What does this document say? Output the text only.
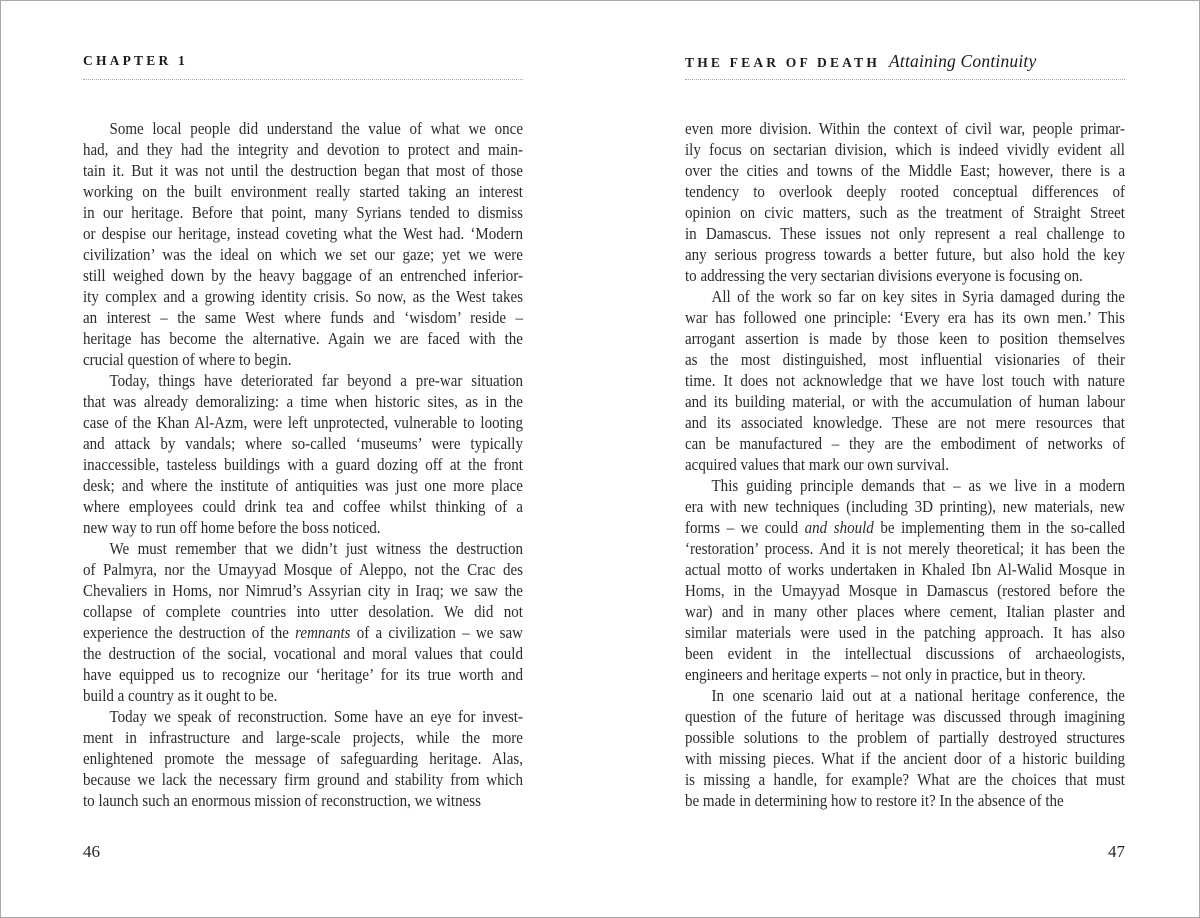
CHAPTER 1
Some local people did understand the value of what we once
had, and they had the integrity and devotion to protect and main-
tain it. But it was not until the destruction began that most of those
working on the built environment really started taking an interest
in our heritage. Before that point, many Syrians tended to dismiss
or despise our heritage, instead coveting what the West had. ‘Modern
civilization’ was the ideal on which we set our gaze; yet we were
still weighed down by the heavy baggage of an entrenched inferior-
ity complex and a growing identity crisis. So now, as the West takes
an interest – the same West where funds and ‘wisdom’ reside –
heritage has become the alternative. Again we are faced with the
crucial question of where to begin.
Today, things have deteriorated far beyond a pre-war situation
that was already demoralizing: a time when historic sites, as in the
case of the Khan Al-Azm, were left unprotected, vulnerable to looting
and attack by vandals; where so-called ‘museums’ were typically
inaccessible, tasteless buildings with a guard dozing off at the front
desk; and where the institute of antiquities was just one more place
where employees could drink tea and coffee whilst thinking of a
new way to run off home before the boss noticed.
We must remember that we didn’t just witness the destruction
of Palmyra, nor the Umayyad Mosque of Aleppo, not the Crac des
Chevaliers in Homs, nor Nimrud’s Assyrian city in Iraq; we saw the
collapse of complete countries into utter desolation. We did not
experience the destruction of the remnants of a civilization – we saw
the destruction of the social, vocational and moral values that could
have equipped us to recognize our ‘heritage’ for its true worth and
build a country as it ought to be.
Today we speak of reconstruction. Some have an eye for invest-
ment in infrastructure and large-scale projects, while the more
enlightened promote the message of safeguarding heritage. Alas,
because we lack the necessary firm ground and stability from which
to launch such an enormous mission of reconstruction, we witness
46
THE FEAR OF DEATH Attaining Continuity
even more division. Within the context of civil war, people primar-
ily focus on sectarian division, which is indeed vividly evident all
over the cities and towns of the Middle East; however, there is a
tendency to overlook deeply rooted conceptual differences of
opinion on civic matters, such as the treatment of Straight Street
in Damascus. These issues not only represent a real challenge to
any serious progress towards a better future, but also hold the key
to addressing the very sectarian divisions everyone is focusing on.
All of the work so far on key sites in Syria damaged during the
war has followed one principle: ‘Every era has its own men.’ This
arrogant assertion is made by those keen to position themselves
as the most distinguished, most influential visionaries of their
time. It does not acknowledge that we have lost touch with nature
and its building material, or with the accumulation of human labour
and its associated knowledge. These are not mere resources that
can be manufactured – they are the embodiment of networks of
acquired values that mark our own survival.
This guiding principle demands that – as we live in a modern
era with new techniques (including 3D printing), new materials, new
forms – we could and should be implementing them in the so-called
‘restoration’ process. And it is not merely theoretical; it has been the
actual motto of works undertaken in Khaled Ibn Al-Walid Mosque in
Homs, in the Umayyad Mosque in Damascus (restored before the
war) and in many other places where cement, Italian plaster and
similar materials were used in the patching approach. It has also
been evident in the intellectual discussions of archaeologists,
engineers and heritage experts – not only in practice, but in theory.
In one scenario laid out at a national heritage conference, the
question of the future of heritage was discussed through imagining
possible solutions to the problem of partially destroyed structures
with missing pieces. What if the ancient door of a historic building
is missing a handle, for example? What are the choices that must
be made in determining how to restore it? In the absence of the
47
